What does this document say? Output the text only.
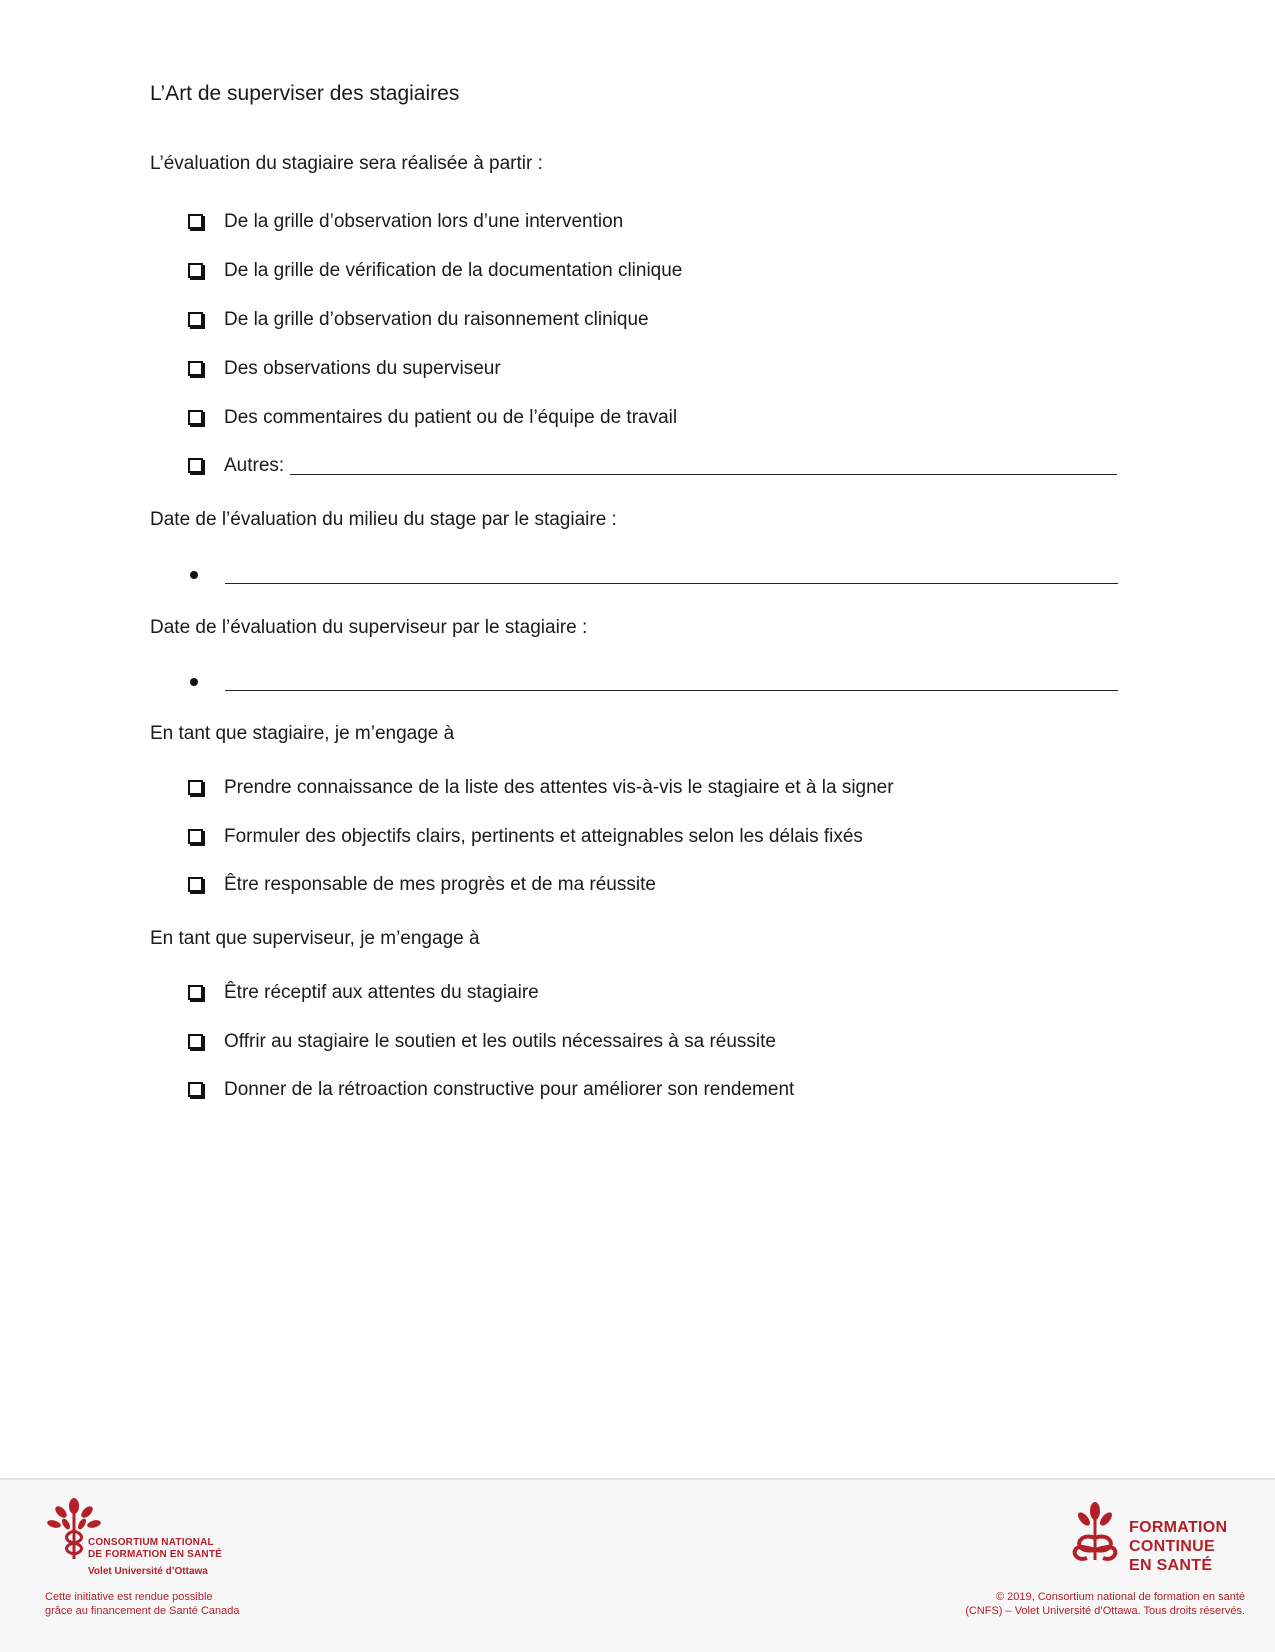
L’Art de superviser des stagiaires
L’évaluation du stagiaire sera réalisée à partir :
De la grille d’observation lors d’une intervention
De la grille de vérification de la documentation clinique
De la grille d’observation du raisonnement clinique
Des observations du superviseur
Des commentaires du patient ou de l’équipe de travail
Autres:
Date de l’évaluation du milieu du stage par le stagiaire :
Date de l’évaluation du superviseur par le stagiaire :
En tant que stagiaire, je m’engage à
Prendre connaissance de la liste des attentes vis-à-vis le stagiaire et à la signer
Formuler des objectifs clairs, pertinents et atteignables selon les délais fixés
Être responsable de mes progrès et de ma réussite
En tant que superviseur, je m’engage à
Être réceptif aux attentes du stagiaire
Offrir au stagiaire le soutien et les outils nécessaires à sa réussite
Donner de la rétroaction constructive pour améliorer son rendement
CONSORTIUM NATIONAL
DE FORMATION EN SANTÉ
Volet Université d’Ottawa
Cette initiative est rendue possible
grâce au financement de Santé Canada
FORMATION
CONTINUE
EN SANTÉ
© 2019, Consortium national de formation en santé
(CNFS) – Volet Université d’Ottawa. Tous droits réservés.
